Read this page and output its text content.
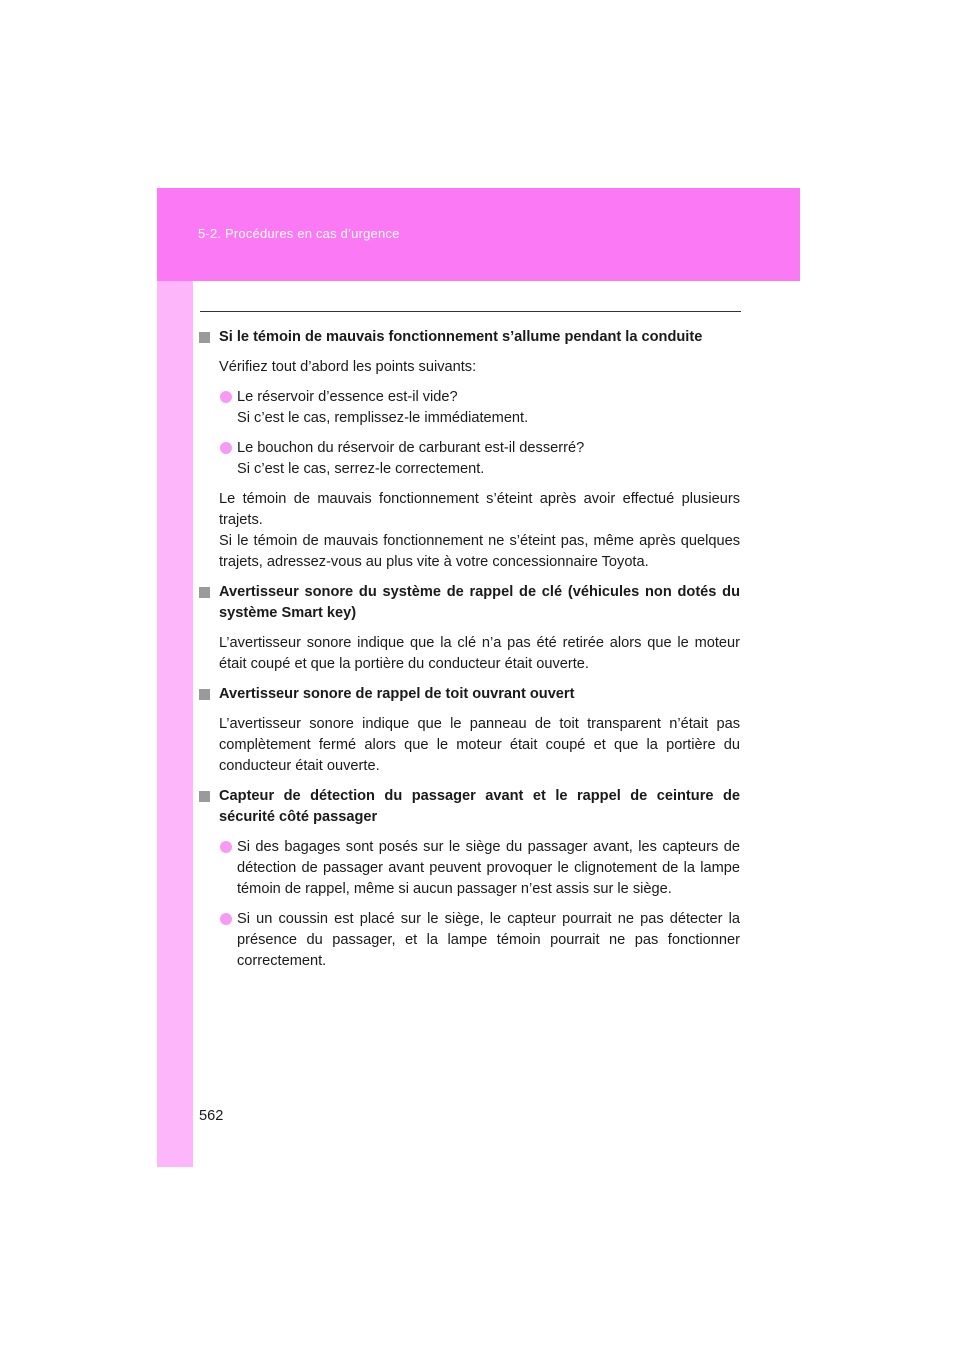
5-2. Procédures en cas d’urgence

Si le témoin de mauvais fonctionnement s’allume pendant la conduite

Vérifiez tout d’abord les points suivants:

Le réservoir d’essence est-il vide?
Si c’est le cas, remplissez-le immédiatement.

Le bouchon du réservoir de carburant est-il desserré?
Si c’est le cas, serrez-le correctement.

Le témoin de mauvais fonctionnement s’éteint après avoir effectué plusieurs trajets.
Si le témoin de mauvais fonctionnement ne s’éteint pas, même après quelques trajets, adressez-vous au plus vite à votre concessionnaire Toyota.

Avertisseur sonore du système de rappel de clé (véhicules non dotés du système Smart key)

L’avertisseur sonore indique que la clé n’a pas été retirée alors que le moteur était coupé et que la portière du conducteur était ouverte.

Avertisseur sonore de rappel de toit ouvrant ouvert

L’avertisseur sonore indique que le panneau de toit transparent n’était pas complètement fermé alors que le moteur était coupé et que la portière du conducteur était ouverte.

Capteur de détection du passager avant et le rappel de ceinture de sécurité côté passager

Si des bagages sont posés sur le siège du passager avant, les capteurs de détection de passager avant peuvent provoquer le clignotement de la lampe témoin de rappel, même si aucun passager n’est assis sur le siège.

Si un coussin est placé sur le siège, le capteur pourrait ne pas détecter la présence du passager, et la lampe témoin pourrait ne pas fonctionner correctement.

562
